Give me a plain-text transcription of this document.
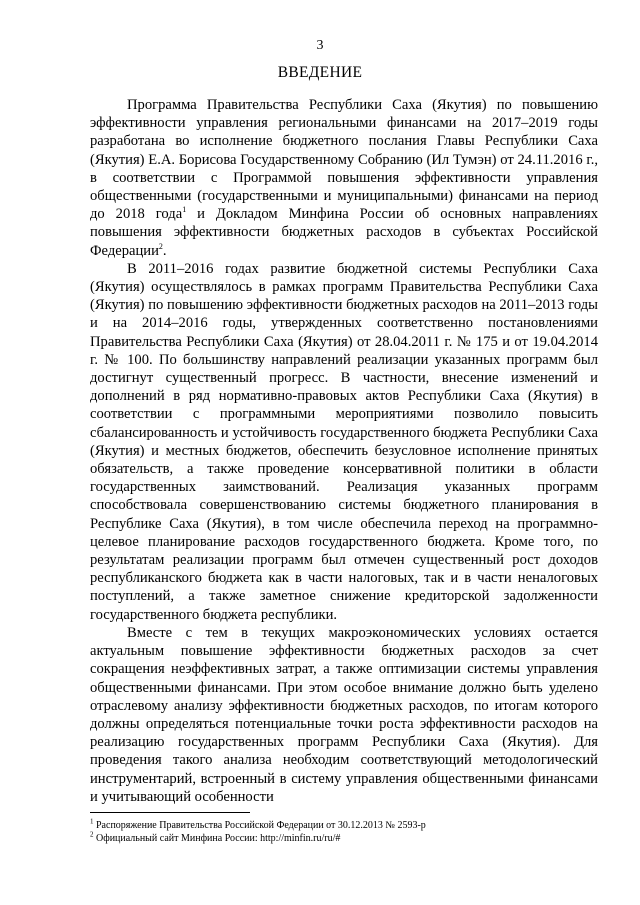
3
ВВЕДЕНИЕ

Программа Правительства Республики Саха (Якутия) по повышению эффективности управления региональными финансами на 2017–2019 годы разработана во исполнение бюджетного послания Главы Республики Саха (Якутия) Е.А. Борисова Государственному Собранию (Ил Тумэн) от 24.11.2016 г., в соответствии с Программой повышения эффективности управления общественными (государственными и муниципальными) финансами на период до 2018 года$^1$ и Докладом Минфина России об основных направлениях повышения эффективности бюджетных расходов в субъектах Российской Федерации$^2$.

В 2011–2016 годах развитие бюджетной системы Республики Саха (Якутия) осуществлялось в рамках программ Правительства Республики Саха (Якутия) по повышению эффективности бюджетных расходов на 2011–2013 годы и на 2014–2016 годы, утвержденных соответственно постановлениями Правительства Республики Саха (Якутия) от 28.04.2011 г. № 175 и от 19.04.2014 г. № 100. По большинству направлений реализации указанных программ был достигнут существенный прогресс. В частности, внесение изменений и дополнений в ряд нормативно-правовых актов Республики Саха (Якутия) в соответствии с программными мероприятиями позволило повысить сбалансированность и устойчивость государственного бюджета Республики Саха (Якутия) и местных бюджетов, обеспечить безусловное исполнение принятых обязательств, а также проведение консервативной политики в области государственных заимствований. Реализация указанных программ способствовала совершенствованию системы бюджетного планирования в Республике Саха (Якутия), в том числе обеспечила переход на программно-целевое планирование расходов государственного бюджета. Кроме того, по результатам реализации программ был отмечен существенный рост доходов республиканского бюджета как в части налоговых, так и в части неналоговых поступлений, а также заметное снижение кредиторской задолженности государственного бюджета республики.

Вместе с тем в текущих макроэкономических условиях остается актуальным повышение эффективности бюджетных расходов за счет сокращения неэффективных затрат, а также оптимизации системы управления общественными финансами. При этом особое внимание должно быть уделено отраслевому анализу эффективности бюджетных расходов, по итогам которого должны определяться потенциальные точки роста эффективности расходов на реализацию государственных программ Республики Саха (Якутия). Для проведения такого анализа необходим соответствующий методологический инструментарий, встроенный в систему управления общественными финансами и учитывающий особенности

$^1$ Распоряжение Правительства Российской Федерации от 30.12.2013 № 2593-р

$^2$ Официальный сайт Минфина России: http://minfin.ru/ru/#
